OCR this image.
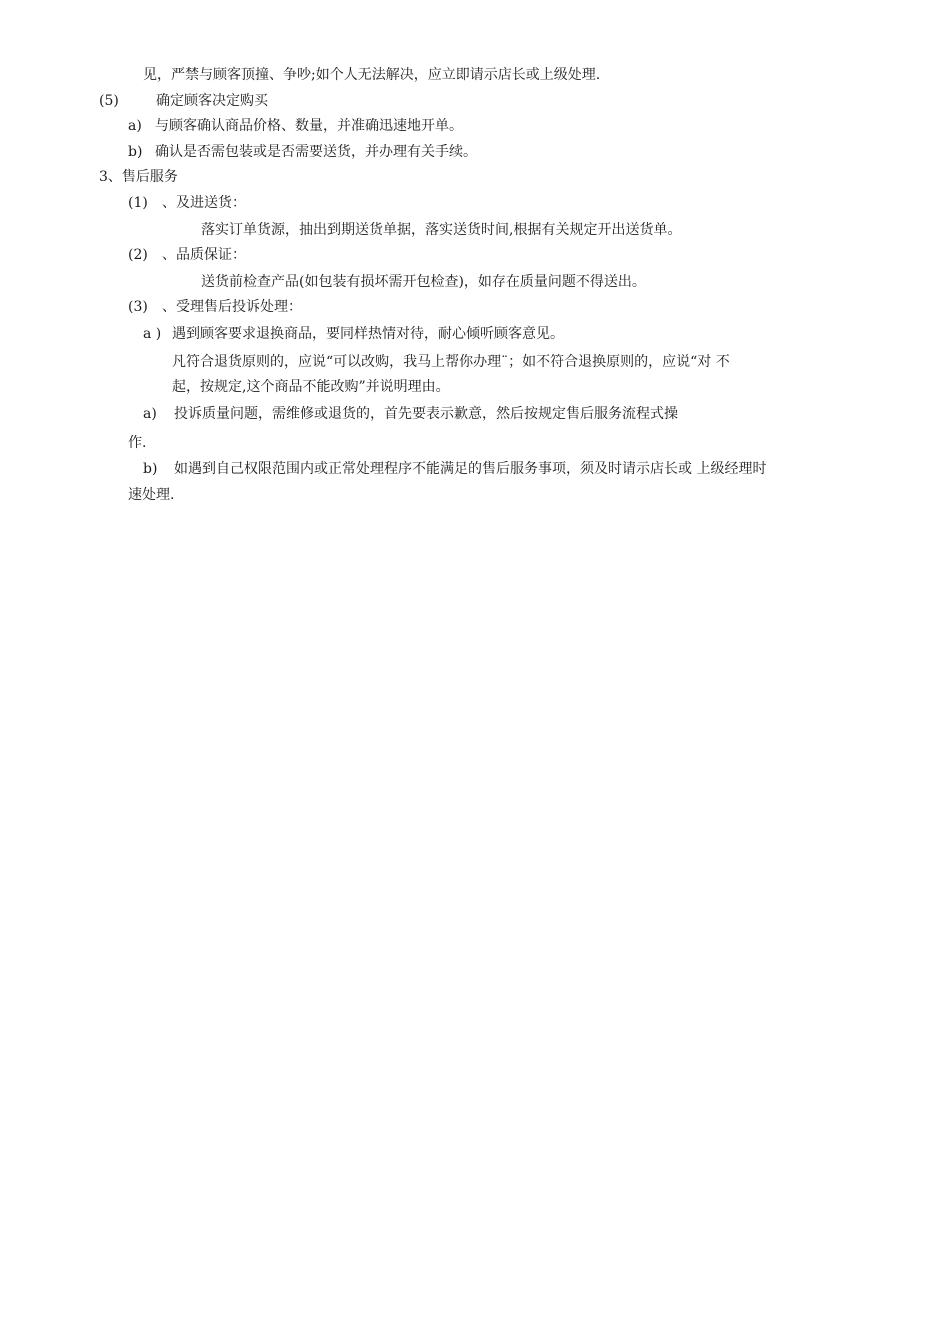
见，严禁与顾客顶撞、争吵;如个人无法解决，应立即请示店长或上级处理.
(5)	确定顾客决定购买
a) 与顾客确认商品价格、数量，并准确迅速地开单。
b) 确认是否需包装或是否需要送货，并办理有关手续。
3、售后服务
(1) 、及进送货：
落实订单货源，抽出到期送货单据，落实送货时间,根据有关规定开出送货单。
(2) 、品质保证：
送货前检查产品(如包装有损坏需开包检查)，如存在质量问题不得送出。
(3) 、受理售后投诉处理：
a ) 遇到顾客要求退换商品，要同样热情对待，耐心倾听顾客意见。
凡符合退货原则的，应说“可以改购，我马上帮你办理¨；如不符合退换原则的，应说“对 不
起，按规定,这个商品不能改购”并说明理由。
a) 投诉质量问题，需维修或退货的，首先要表示歉意，然后按规定售后服务流程式操
作.
b) 如遇到自己权限范围内或正常处理程序不能满足的售后服务事项，须及时请示店长或 上级经理时
速处理.
